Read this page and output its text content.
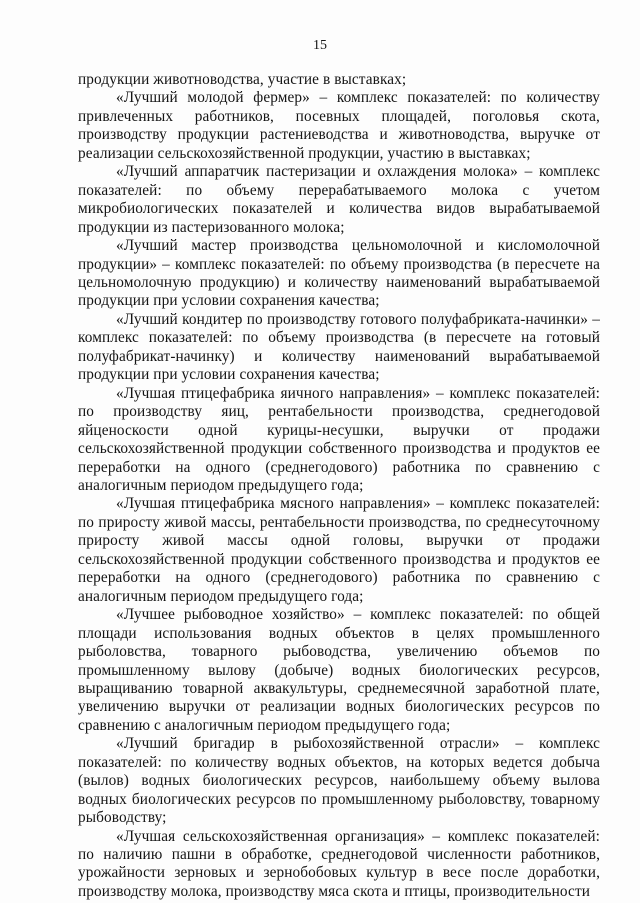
15

продукции животноводства, участие в выставках;

«Лучший молодой фермер» – комплекс показателей: по количеству привлеченных работников, посевных площадей, поголовья скота, производству продукции растениеводства и животноводства, выручке от реализации сельскохозяйственной продукции, участию в выставках;

«Лучший аппаратчик пастеризации и охлаждения молока» – комплекс показателей: по объему перерабатываемого молока с учетом микробиологических показателей и количества видов вырабатываемой продукции из пастеризованного молока;

«Лучший мастер производства цельномолочной и кисломолочной продукции» – комплекс показателей: по объему производства (в пересчете на цельномолочную продукцию) и количеству наименований вырабатываемой продукции при условии сохранения качества;

«Лучший кондитер по производству готового полуфабриката-начинки» – комплекс показателей: по объему производства (в пересчете на готовый полуфабрикат-начинку) и количеству наименований вырабатываемой продукции при условии сохранения качества;

«Лучшая птицефабрика яичного направления» – комплекс показателей: по производству яиц, рентабельности производства, среднегодовой яйценоскости одной курицы-несушки, выручки от продажи сельскохозяйственной продукции собственного производства и продуктов ее переработки на одного (среднегодового) работника по сравнению с аналогичным периодом предыдущего года;

«Лучшая птицефабрика мясного направления» – комплекс показателей: по приросту живой массы, рентабельности производства, по среднесуточному приросту живой массы одной головы, выручки от продажи сельскохозяйственной продукции собственного производства и продуктов ее переработки на одного (среднегодового) работника по сравнению с аналогичным периодом предыдущего года;

«Лучшее рыбоводное хозяйство» – комплекс показателей: по общей площади использования водных объектов в целях промышленного рыболовства, товарного рыбоводства, увеличению объемов по промышленному вылову (добыче) водных биологических ресурсов, выращиванию товарной аквакультуры, среднемесячной заработной плате, увеличению выручки от реализации водных биологических ресурсов по сравнению с аналогичным периодом предыдущего года;

«Лучший бригадир в рыбохозяйственной отрасли» – комплекс показателей: по количеству водных объектов, на которых ведется добыча (вылов) водных биологических ресурсов, наибольшему объему вылова водных биологических ресурсов по промышленному рыболовству, товарному рыбоводству;

«Лучшая сельскохозяйственная организация» – комплекс показателей: по наличию пашни в обработке, среднегодовой численности работников, урожайности зерновых и зернобобовых культур в весе после доработки, производству молока, производству мяса скота и птицы, производительности
